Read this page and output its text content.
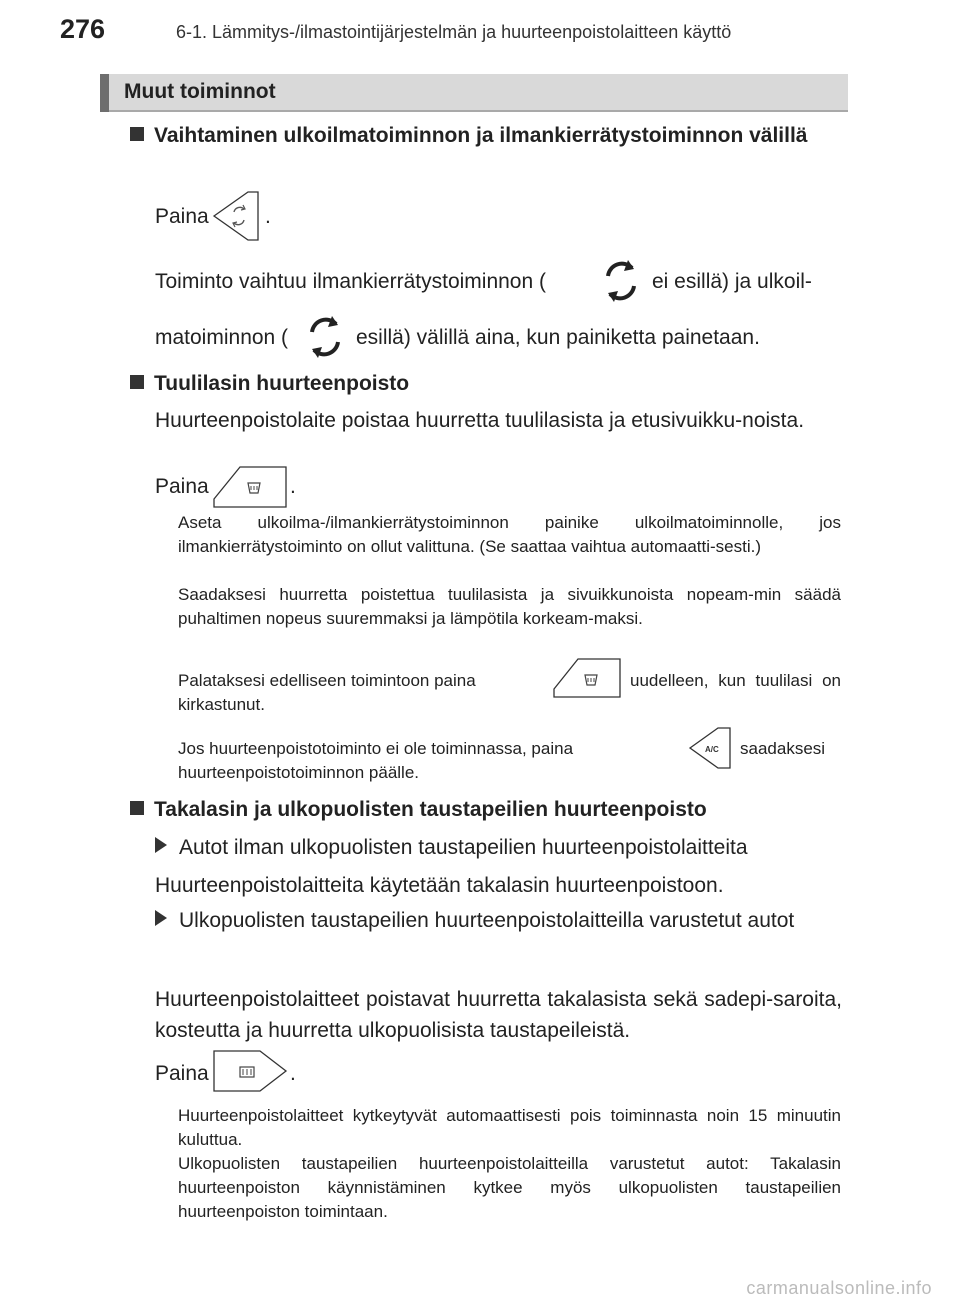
276	6-1. Lämmitys-/ilmastointijärjestelmän ja huurteenpoistolaitteen käyttö
Muut toiminnot
Vaihtaminen ulkoilmatoiminnon ja ilmankierrätystoiminnon välillä
Paina	.
Toiminto vaihtuu ilmankierrätystoiminnon (	ei esillä) ja ulkoil-
matoiminnon (	esillä) välillä aina, kun painiketta painetaan.
Tuulilasin huurteenpoisto
Huurteenpoistolaite poistaa huurretta tuulilasista ja etusivuikku-noista.
Paina	.
Aseta ulkoilma-/ilmankierrätystoiminnon painike ulkoilmatoiminnolle, jos ilmankierrätystoiminto on ollut valittuna. (Se saattaa vaihtua automaatti-sesti.)
Saadaksesi huurretta poistettua tuulilasista ja sivuikkunoista nopeam-min säädä puhaltimen nopeus suuremmaksi ja lämpötila korkeam-maksi.
Palataksesi edelliseen toimintoon paina	uudelleen, kun tuulilasi on kirkastunut.
saadaksesi huurteenpoistotoiminnon päälle.
Jos huurteenpoistotoiminto ei ole toiminnassa, paina	A/C
Takalasin ja ulkopuolisten taustapeilien huurteenpoisto
Autot ilman ulkopuolisten taustapeilien huurteenpoistolaitteita
Huurteenpoistolaitteita käytetään takalasin huurteenpoistoon.
Ulkopuolisten taustapeilien huurteenpoistolaitteilla varustetut autot
Huurteenpoistolaitteet poistavat huurretta takalasista sekä sadepi-saroita, kosteutta ja huurretta ulkopuolisista taustapeileistä.
Paina	.
Huurteenpoistolaitteet kytkeytyvät automaattisesti pois toiminnasta noin 15 minuutin kuluttua.
Ulkopuolisten taustapeilien huurteenpoistolaitteilla varustetut autot: Takalasin huurteenpoiston käynnistäminen kytkee myös ulkopuolisten taustapeilien huurteenpoiston toimintaan.
carmanualsonline.info
